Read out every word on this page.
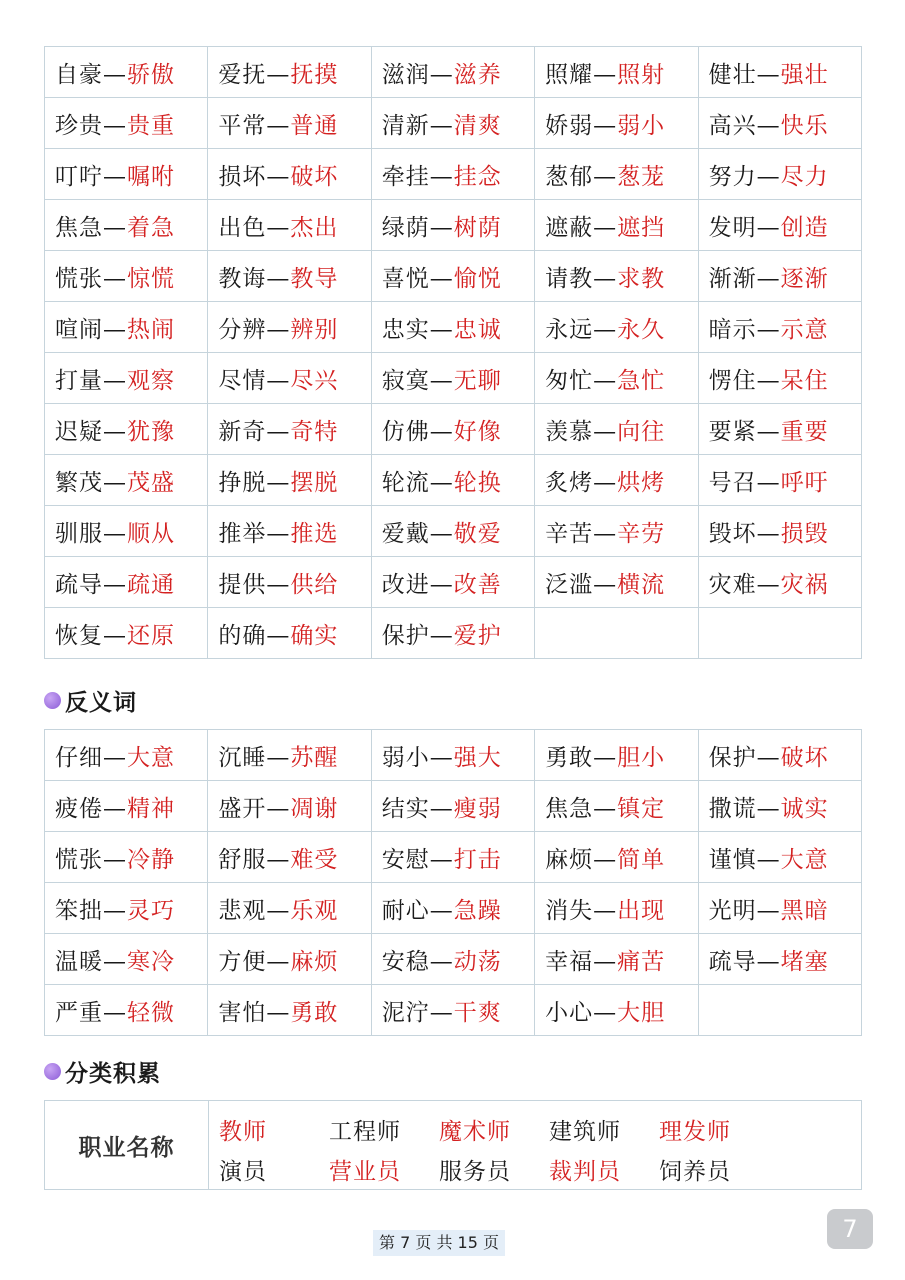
自豪—骄傲	爱抚—抚摸	滋润—滋养	照耀—照射	健壮—强壮
珍贵—贵重	平常—普通	清新—清爽	娇弱—弱小	高兴—快乐
叮咛—嘱咐	损坏—破坏	牵挂—挂念	葱郁—葱茏	努力—尽力
焦急—着急	出色—杰出	绿荫—树荫	遮蔽—遮挡	发明—创造
慌张—惊慌	教诲—教导	喜悦—愉悦	请教—求教	渐渐—逐渐
喧闹—热闹	分辨—辨别	忠实—忠诚	永远—永久	暗示—示意
打量—观察	尽情—尽兴	寂寞—无聊	匆忙—急忙	愣住—呆住
迟疑—犹豫	新奇—奇特	仿佛—好像	羡慕—向往	要紧—重要
繁茂—茂盛	挣脱—摆脱	轮流—轮换	炙烤—烘烤	号召—呼吁
驯服—顺从	推举—推选	爱戴—敬爱	辛苦—辛劳	毁坏—损毁
疏导—疏通	提供—供给	改进—改善	泛滥—横流	灾难—灾祸
恢复—还原	的确—确实	保护—爱护		
反义词
仔细—大意	沉睡—苏醒	弱小—强大	勇敢—胆小	保护—破坏
疲倦—精神	盛开—凋谢	结实—瘦弱	焦急—镇定	撒谎—诚实
慌张—冷静	舒服—难受	安慰—打击	麻烦—简单	谨慎—大意
笨拙—灵巧	悲观—乐观	耐心—急躁	消失—出现	光明—黑暗
温暖—寒冷	方便—麻烦	安稳—动荡	幸福—痛苦	疏导—堵塞
严重—轻微	害怕—勇敢	泥泞—干爽	小心—大胆	
分类积累
职业名称
教师	工程师	魔术师	建筑师	理发师
演员	营业员	服务员	裁判员	饲养员
第 7 页 共 15 页	7
